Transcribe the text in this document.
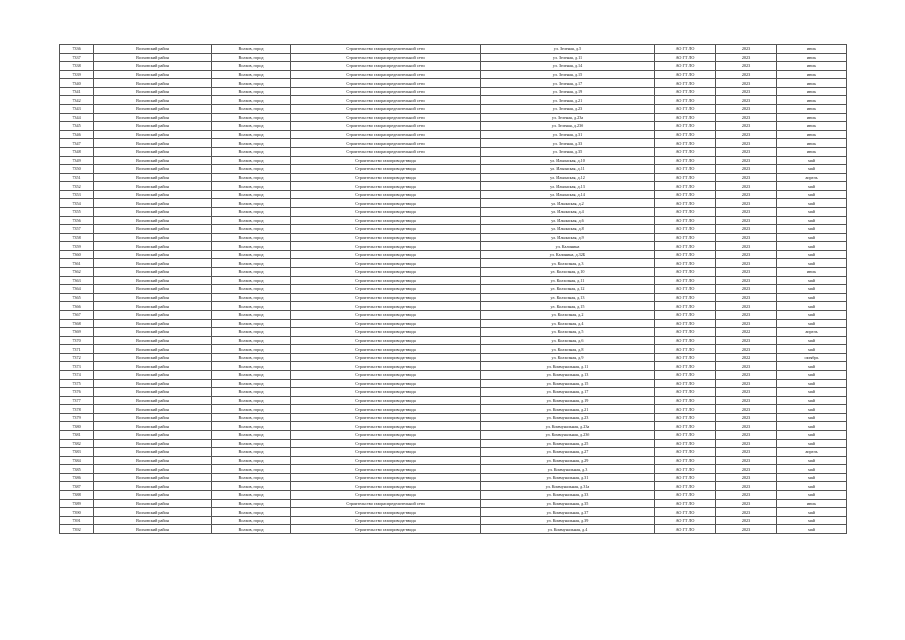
7336	Волховский район	Волхов, город	Строительство газораспределительной сети	ул. Зеленая, д.5	АО ГТ ЛО	2023	июль
7337	Волховский район	Волхов, город	Строительство газораспределительной сети	ул. Зеленая, д.11	АО ГТ ЛО	2023	июль
7338	Волховский район	Волхов, город	Строительство газораспределительной сети	ул. Зеленая, д.14	АО ГТ ЛО	2023	июль
7339	Волховский район	Волхов, город	Строительство газораспределительной сети	ул. Зеленая, д.15	АО ГТ ЛО	2023	июль
7340	Волховский район	Волхов, город	Строительство газораспределительной сети	ул. Зеленая, д.17	АО ГТ ЛО	2023	июль
7341	Волховский район	Волхов, город	Строительство газораспределительной сети	ул. Зеленая, д.19	АО ГТ ЛО	2023	июль
7342	Волховский район	Волхов, город	Строительство газораспределительной сети	ул. Зеленая, д.21	АО ГТ ЛО	2023	июль
7343	Волховский район	Волхов, город	Строительство газораспределительной сети	ул. Зеленая, д.23	АО ГТ ЛО	2023	июль
7344	Волховский район	Волхов, город	Строительство газораспределительной сети	ул. Зеленая, д.23а	АО ГТ ЛО	2023	июль
7345	Волховский район	Волхов, город	Строительство газораспределительной сети	ул. Зеленая, д.23б	АО ГТ ЛО	2023	июль
7346	Волховский район	Волхов, город	Строительство газораспределительной сети	ул. Зеленая, д.31	АО ГТ ЛО	2023	июль
7347	Волховский район	Волхов, город	Строительство газораспределительной сети	ул. Зеленая, д.33	АО ГТ ЛО	2023	июль
7348	Волховский район	Волхов, город	Строительство газораспределительной сети	ул. Зеленая, д.35	АО ГТ ЛО	2023	июль
7349	Волховский район	Волхов, город	Строительство газопровода-ввода	ул. Ильинская, д.10	АО ГТ ЛО	2023	май
7350	Волховский район	Волхов, город	Строительство газопровода-ввода	ул. Ильинская, д.11	АО ГТ ЛО	2023	май
7351	Волховский район	Волхов, город	Строительство газопровода-ввода	ул. Ильинская, д.12	АО ГТ ЛО	2023	апрель
7352	Волховский район	Волхов, город	Строительство газопровода-ввода	ул. Ильинская, д.13	АО ГТ ЛО	2023	май
7353	Волховский район	Волхов, город	Строительство газопровода-ввода	ул. Ильинская, д.14	АО ГТ ЛО	2023	май
7354	Волховский район	Волхов, город	Строительство газопровода-ввода	ул. Ильинская, д.2	АО ГТ ЛО	2023	май
7355	Волховский район	Волхов, город	Строительство газопровода-ввода	ул. Ильинская, д.4	АО ГТ ЛО	2023	май
7356	Волховский район	Волхов, город	Строительство газопровода-ввода	ул. Ильинская, д.6	АО ГТ ЛО	2023	май
7357	Волховский район	Волхов, город	Строительство газопровода-ввода	ул. Ильинская, д.8	АО ГТ ЛО	2023	май
7358	Волховский район	Волхов, город	Строительство газопровода-ввода	ул. Ильинская, д.9	АО ГТ ЛО	2023	май
7359	Волховский район	Волхов, город	Строительство газопровода-ввода	ул. Калинина	АО ГТ ЛО	2023	май
7360	Волховский район	Волхов, город	Строительство газопровода-ввода	ул. Калинина, д.32Б	АО ГТ ЛО	2023	май
7361	Волховский район	Волхов, город	Строительство газопровода-ввода	ул. Колхозная, д.3	АО ГТ ЛО	2023	май
7362	Волховский район	Волхов, город	Строительство газопровода-ввода	ул. Колхозная, д.10	АО ГТ ЛО	2023	июль
7363	Волховский район	Волхов, город	Строительство газопровода-ввода	ул. Колхозная, д.11	АО ГТ ЛО	2023	май
7364	Волховский район	Волхов, город	Строительство газопровода-ввода	ул. Колхозная, д.12	АО ГТ ЛО	2023	май
7365	Волховский район	Волхов, город	Строительство газопровода-ввода	ул. Колхозная, д.13	АО ГТ ЛО	2023	май
7366	Волховский район	Волхов, город	Строительство газопровода-ввода	ул. Колхозная, д.15	АО ГТ ЛО	2023	май
7367	Волховский район	Волхов, город	Строительство газопровода-ввода	ул. Колхозная, д.2	АО ГТ ЛО	2023	май
7368	Волховский район	Волхов, город	Строительство газопровода-ввода	ул. Колхозная, д.4	АО ГТ ЛО	2023	май
7369	Волховский район	Волхов, город	Строительство газопровода-ввода	ул. Колхозная, д.5	АО ГТ ЛО	2022	апрель
7370	Волховский район	Волхов, город	Строительство газопровода-ввода	ул. Колхозная, д.6	АО ГТ ЛО	2023	май
7371	Волховский район	Волхов, город	Строительство газопровода-ввода	ул. Колхозная, д.8	АО ГТ ЛО	2023	май
7372	Волховский район	Волхов, город	Строительство газопровода-ввода	ул. Колхозная, д.9	АО ГТ ЛО	2022	октябрь
7373	Волховский район	Волхов, город	Строительство газопровода-ввода	ул. Коммунальная, д.11	АО ГТ ЛО	2023	май
7374	Волховский район	Волхов, город	Строительство газопровода-ввода	ул. Коммунальная, д.13	АО ГТ ЛО	2023	май
7375	Волховский район	Волхов, город	Строительство газопровода-ввода	ул. Коммунальная, д.15	АО ГТ ЛО	2023	май
7376	Волховский район	Волхов, город	Строительство газопровода-ввода	ул. Коммунальная, д.17	АО ГТ ЛО	2023	май
7377	Волховский район	Волхов, город	Строительство газопровода-ввода	ул. Коммунальная, д.19	АО ГТ ЛО	2023	май
7378	Волховский район	Волхов, город	Строительство газопровода-ввода	ул. Коммунальная, д.21	АО ГТ ЛО	2023	май
7379	Волховский район	Волхов, город	Строительство газопровода-ввода	ул. Коммунальная, д.23	АО ГТ ЛО	2023	май
7380	Волховский район	Волхов, город	Строительство газопровода-ввода	ул. Коммунальная, д.23а	АО ГТ ЛО	2023	май
7381	Волховский район	Волхов, город	Строительство газопровода-ввода	ул. Коммунальная, д.23б	АО ГТ ЛО	2023	май
7382	Волховский район	Волхов, город	Строительство газопровода-ввода	ул. Коммунальная, д.25	АО ГТ ЛО	2023	май
7383	Волховский район	Волхов, город	Строительство газопровода-ввода	ул. Коммунальная, д.27	АО ГТ ЛО	2023	апрель
7384	Волховский район	Волхов, город	Строительство газопровода-ввода	ул. Коммунальная, д.29	АО ГТ ЛО	2023	май
7385	Волховский район	Волхов, город	Строительство газопровода-ввода	ул. Коммунальная, д.3	АО ГТ ЛО	2023	май
7386	Волховский район	Волхов, город	Строительство газопровода-ввода	ул. Коммунальная, д.31	АО ГТ ЛО	2023	май
7387	Волховский район	Волхов, город	Строительство газопровода-ввода	ул. Коммунальная, д.31а	АО ГТ ЛО	2023	май
7388	Волховский район	Волхов, город	Строительство газопровода-ввода	ул. Коммунальная, д.33	АО ГТ ЛО	2023	май
7389	Волховский район	Волхов, город	Строительство газораспределительной сети	ул. Коммунальная, д.35	АО ГТ ЛО	2023	июль
7390	Волховский район	Волхов, город	Строительство газопровода-ввода	ул. Коммунальная, д.37	АО ГТ ЛО	2023	май
7391	Волховский район	Волхов, город	Строительство газопровода-ввода	ул. Коммунальная, д.39	АО ГТ ЛО	2023	май
7392	Волховский район	Волхов, город	Строительство газопровода-ввода	ул. Коммунальная, д.4	АО ГТ ЛО	2023	май
